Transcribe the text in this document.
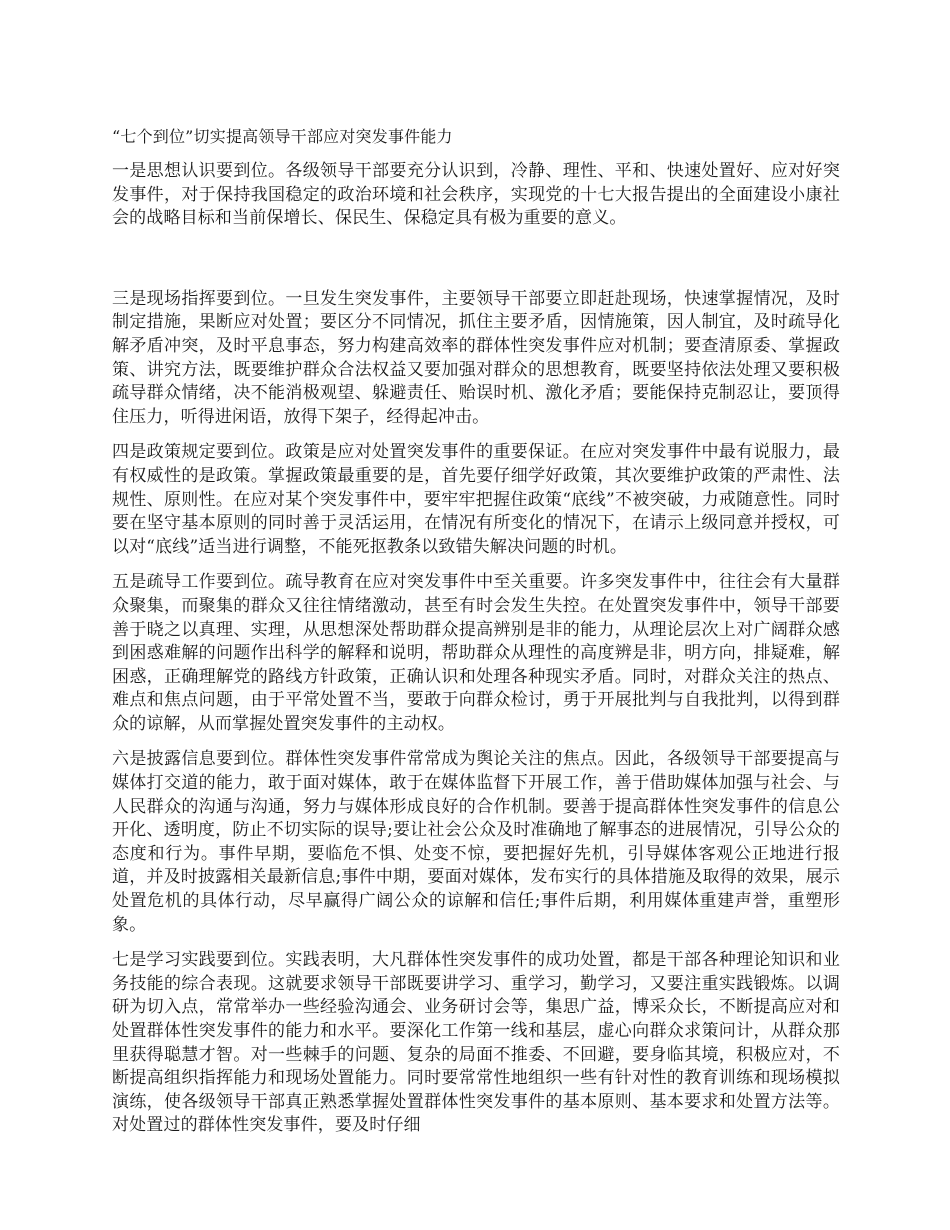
“七个到位”切实提高领导干部应对突发事件能力

一是思想认识要到位。各级领导干部要充分认识到，冷静、理性、平和、快速处置好、应对好突发事件，对于保持我国稳定的政治环境和社会秩序，实现党的十七大报告提出的全面建设小康社会的战略目标和当前保增长、保民生、保稳定具有极为重要的意义。

三是现场指挥要到位。一旦发生突发事件，主要领导干部要立即赶赴现场，快速掌握情况，及时制定措施，果断应对处置；要区分不同情况，抓住主要矛盾，因情施策，因人制宜，及时疏导化解矛盾冲突，及时平息事态，努力构建高效率的群体性突发事件应对机制；要查清原委、掌握政策、讲究方法，既要维护群众合法权益又要加强对群众的思想教育，既要坚持依法处理又要积极疏导群众情绪，决不能消极观望、躲避责任、贻误时机、激化矛盾；要能保持克制忍让，要顶得住压力，听得进闲语，放得下架子，经得起冲击。

四是政策规定要到位。政策是应对处置突发事件的重要保证。在应对突发事件中最有说服力，最有权威性的是政策。掌握政策最重要的是，首先要仔细学好政策，其次要维护政策的严肃性、法规性、原则性。在应对某个突发事件中，要牢牢把握住政策“底线”不被突破，力戒随意性。同时要在坚守基本原则的同时善于灵活运用，在情况有所变化的情况下，在请示上级同意并授权，可以对“底线”适当进行调整，不能死抠教条以致错失解决问题的时机。

五是疏导工作要到位。疏导教育在应对突发事件中至关重要。许多突发事件中，往往会有大量群众聚集，而聚集的群众又往往情绪激动，甚至有时会发生失控。在处置突发事件中，领导干部要善于晓之以真理、实理，从思想深处帮助群众提高辨别是非的能力，从理论层次上对广阔群众感到困惑难解的问题作出科学的解释和说明，帮助群众从理性的高度辨是非，明方向，排疑难，解困惑，正确理解党的路线方针政策，正确认识和处理各种现实矛盾。同时，对群众关注的热点、难点和焦点问题，由于平常处置不当，要敢于向群众检讨，勇于开展批判与自我批判，以得到群众的谅解，从而掌握处置突发事件的主动权。

六是披露信息要到位。群体性突发事件常常成为舆论关注的焦点。因此，各级领导干部要提高与媒体打交道的能力，敢于面对媒体，敢于在媒体监督下开展工作，善于借助媒体加强与社会、与人民群众的沟通与沟通，努力与媒体形成良好的合作机制。要善于提高群体性突发事件的信息公开化、透明度，防止不切实际的误导;要让社会公众及时准确地了解事态的进展情况，引导公众的态度和行为。事件早期，要临危不惧、处变不惊，要把握好先机，引导媒体客观公正地进行报道，并及时披露相关最新信息;事件中期，要面对媒体，发布实行的具体措施及取得的效果，展示处置危机的具体行动，尽早赢得广阔公众的谅解和信任;事件后期，利用媒体重建声誉，重塑形象。

七是学习实践要到位。实践表明，大凡群体性突发事件的成功处置，都是干部各种理论知识和业务技能的综合表现。这就要求领导干部既要讲学习、重学习，勤学习，又要注重实践锻炼。以调研为切入点，常常举办一些经验沟通会、业务研讨会等，集思广益，博采众长，不断提高应对和处置群体性突发事件的能力和水平。要深化工作第一线和基层，虚心向群众求策问计，从群众那里获得聪慧才智。对一些棘手的问题、复杂的局面不推委、不回避，要身临其境，积极应对，不断提高组织指挥能力和现场处置能力。同时要常常性地组织一些有针对性的教育训练和现场模拟演练，使各级领导干部真正熟悉掌握处置群体性突发事件的基本原则、基本要求和处置方法等。对处置过的群体性突发事件，要及时仔细
